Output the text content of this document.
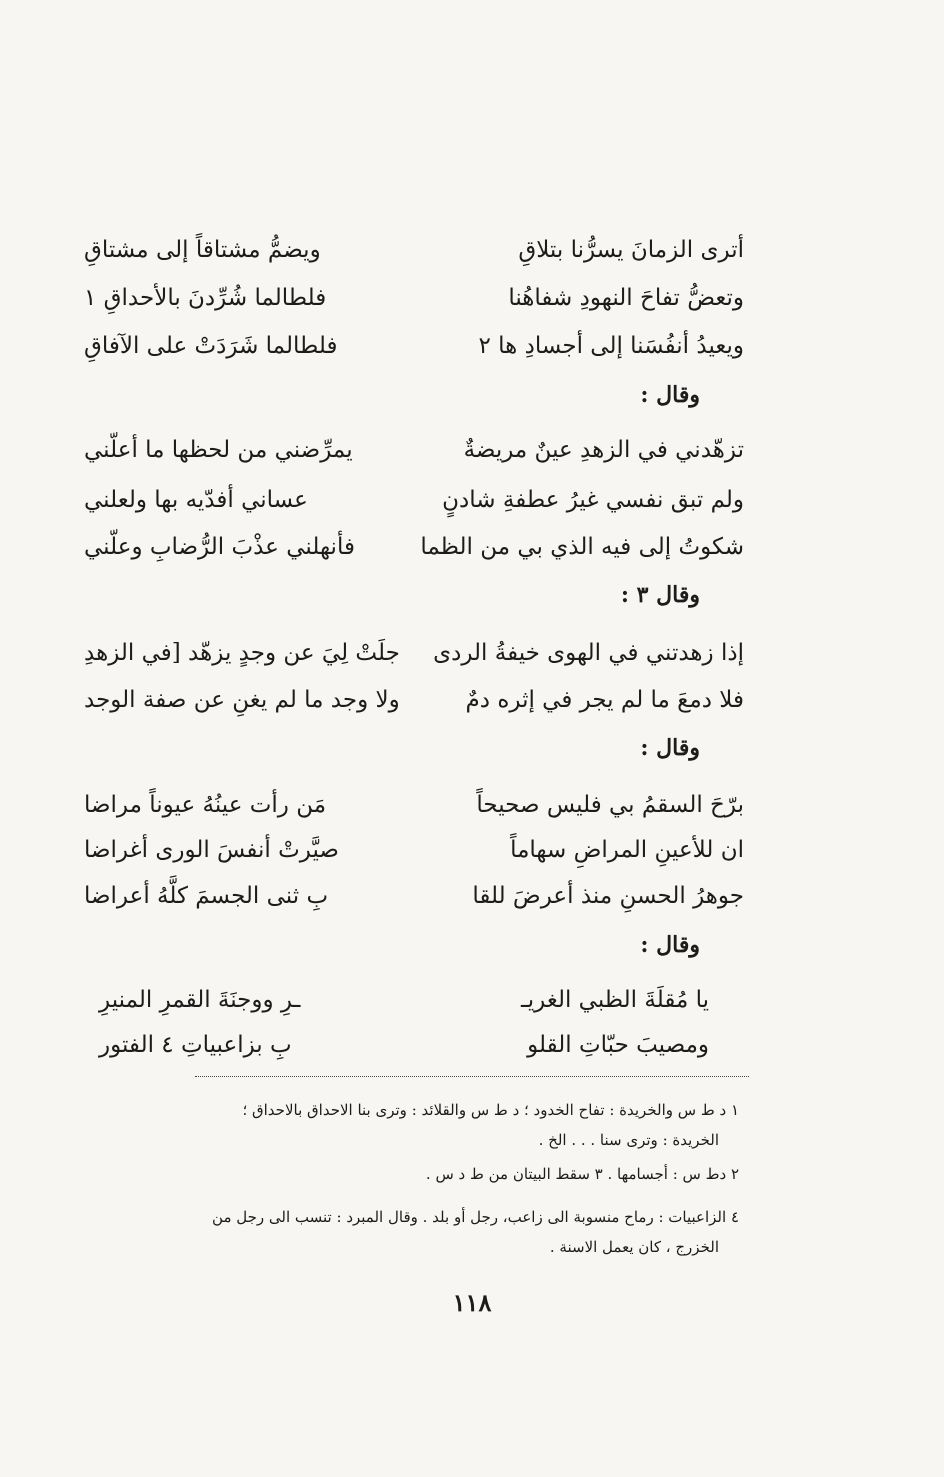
أترى الزمانَ يسرُّنا بتلاقِ
ويضمُّ مشتاقاً إلى مشتاقِ
وتعضُّ تفاحَ النهودِ شفاهُنا
فلطالما شُرِّدنَ بالأحداقِ ١
ويعيدُ أنفُسَنا إلى أجسادِ ها ٢
فلطالما شَرَدَتْ على الآفاقِ
وقال :
تزهّدني في الزهدِ عينٌ مريضةٌ
يمرِّضني من لحظها ما أعلّني
ولم تبق نفسي غيرُ عطفةِ شادنٍ
عساني أفدّيه بها ولعلني
شكوتُ إلى فيه الذي بي من الظما
فأنهلني عذْبَ الرُّضابِ وعلّني
وقال ٣ :
إذا زهدتني في الهوى خيفةُ الردى
جلَتْ لِيَ عن وجدٍ يزهّد [في الزهدِ
فلا دمعَ ما لم يجر في إثره دمٌ
ولا وجد ما لم يغنِ عن صفة الوجد
وقال :
برّحَ السقمُ بي فليس صحيحاً
مَن رأت عينُهُ عيوناً مراضا
ان للأعينِ المراضِ سهاماً
صيَّرتْ أنفسَ الورى أغراضا
جوهرُ الحسنِ منذ أعرضَ للقا
بِ ثنى الجسمَ كلَّهُ أعراضا
وقال :
يا مُقلَةَ الظبي الغريـ
ـرِ ووجنَةَ القمرِ المنيرِ
ومصيبَ حبّاتِ القلو
بِ بزاعبياتِ ٤ الفتور
١ د ط س والخريدة : تفاح الخدود ؛ د ط س والقلائد : وترى بنا الاحداق بالاحداق ؛
الخريدة : وترى سنا . . . الخ .
٢ دط س : أجسامها . ٣ سقط البيتان من ط د س .
٤ الزاعبيات : رماح منسوبة الى زاعب، رجل أو بلد . وقال المبرد : تنسب الى رجل من
الخزرج ، كان يعمل الاسنة .
١١٨
